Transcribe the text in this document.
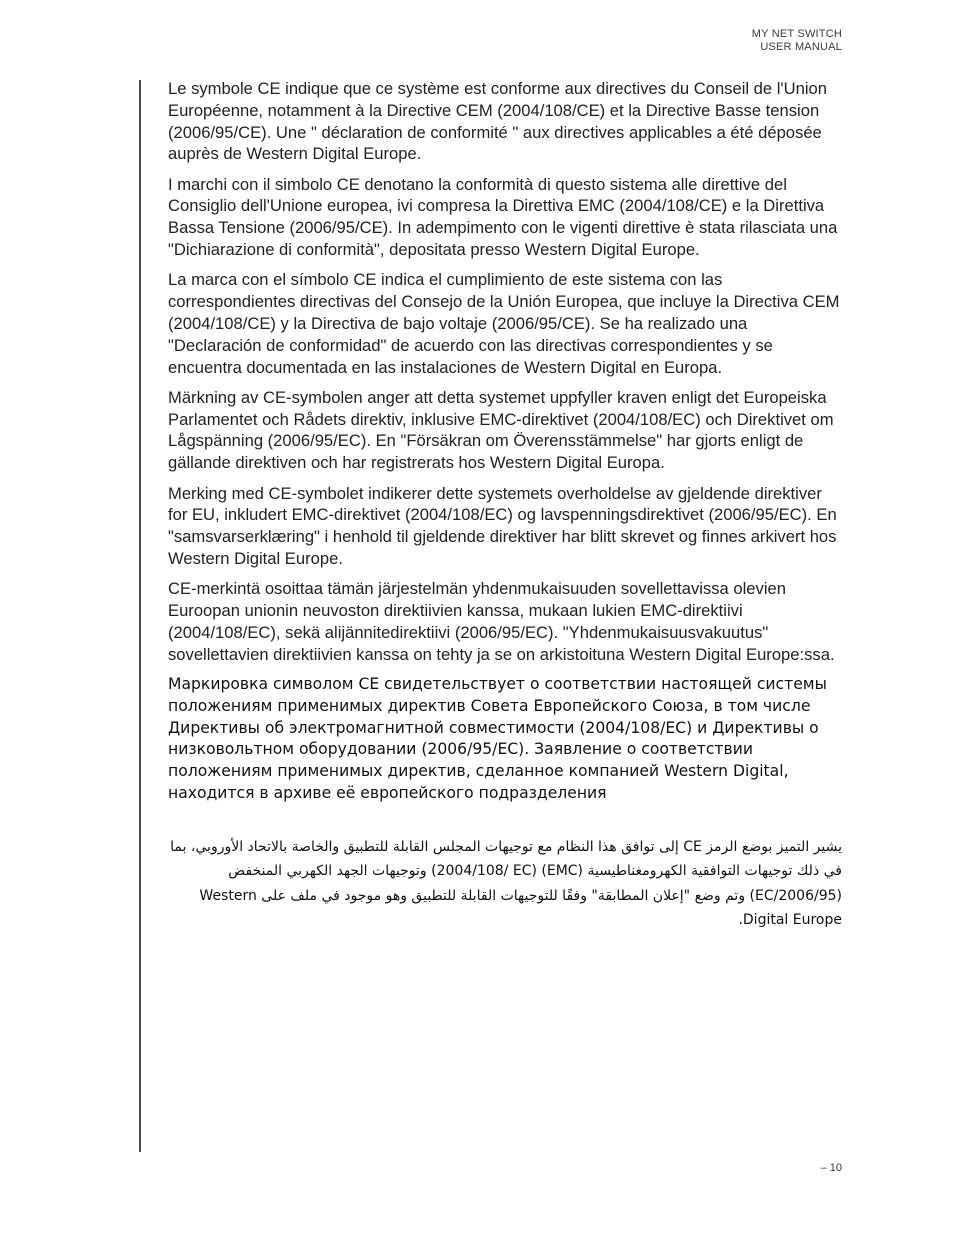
MY NET SWITCH
USER MANUAL

Le symbole CE indique que ce système est conforme aux directives du Conseil de l'Union Européenne, notamment à la Directive CEM (2004/108/CE) et la Directive Basse tension (2006/95/CE). Une " déclaration de conformité " aux directives applicables a été déposée auprès de Western Digital Europe.

I marchi con il simbolo CE denotano la conformità di questo sistema alle direttive del Consiglio dell'Unione europea, ivi compresa la Direttiva EMC (2004/108/CE) e la Direttiva Bassa Tensione (2006/95/CE). In adempimento con le vigenti direttive è stata rilasciata una "Dichiarazione di conformità", depositata presso Western Digital Europe.

La marca con el símbolo CE indica el cumplimiento de este sistema con las correspondientes directivas del Consejo de la Unión Europea, que incluye la Directiva CEM (2004/108/CE) y la Directiva de bajo voltaje (2006/95/CE). Se ha realizado una "Declaración de conformidad" de acuerdo con las directivas correspondientes y se encuentra documentada en las instalaciones de Western Digital en Europa.

Märkning av CE-symbolen anger att detta systemet uppfyller kraven enligt det Europeiska Parlamentet och Rådets direktiv, inklusive EMC-direktivet (2004/108/EC) och Direktivet om Lågspänning (2006/95/EC). En "Försäkran om Överensstämmelse" har gjorts enligt de gällande direktiven och har registrerats hos Western Digital Europa.

Merking med CE-symbolet indikerer dette systemets overholdelse av gjeldende direktiver for EU, inkludert EMC-direktivet (2004/108/EC) og lavspenningsdirektivet (2006/95/EC). En "samsvarserklæring" i henhold til gjeldende direktiver har blitt skrevet og finnes arkivert hos Western Digital Europe.

CE-merkintä osoittaa tämän järjestelmän yhdenmukaisuuden sovellettavissa olevien Euroopan unionin neuvoston direktiivien kanssa, mukaan lukien EMC-direktiivi (2004/108/EC), sekä alijännitedirektiivi (2006/95/EC). "Yhdenmukaisuusvakuutus" sovellettavien direktiivien kanssa on tehty ja se on arkistoituna Western Digital Europe:ssa.

Маркировка символом CE свидетельствует о соответствии настоящей системы положениям применимых директив Совета Европейского Союза, в том числе Директивы об электромагнитной совместимости (2004/108/EC) и Директивы о низковольтном оборудовании (2006/95/EC). Заявление о соответствии положениям применимых директив, сделанное компанией Western Digital, находится в архиве её европейского подразделения

يشير التميز بوضع الرمز CE إلى توافق هذا النظام مع توجيهات المجلس القابلة للتطبيق والخاصة بالاتحاد الأوروبي، بما في ذلك توجيهات التوافقية الكهرومغناطيسية (EMC) (2004/108/ EC) وتوجيهات الجهد الكهربي المنخفض (2006/95/EC) وتم وضع "إعلان المطابقة" وفقًا للتوجيهات القابلة للتطبيق وهو موجود في ملف على Western Digital Europe.

– 10
